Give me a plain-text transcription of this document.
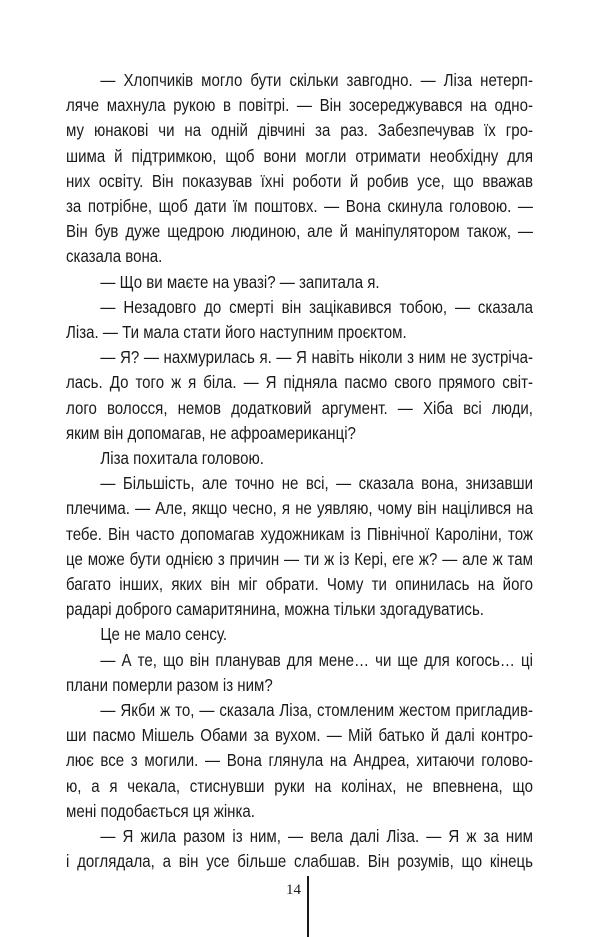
— Хлопчиків могло бути скільки завгодно. — Ліза нетерп-
ляче махнула рукою в повітрі. — Він зосереджувався на одно-
му юнакові чи на одній дівчині за раз. Забезпечував їх гро-
шима й підтримкою, щоб вони могли отримати необхідну для
них освіту. Він показував їхні роботи й робив усе, що вважав
за потрібне, щоб дати їм поштовх. — Вона скинула головою. —
Він був дуже щедрою людиною, але й маніпулятором також, —
сказала вона.
— Що ви маєте на увазі? — запитала я.
— Незадовго до смерті він зацікавився тобою, — сказала
Ліза. — Ти мала стати його наступним проєктом.
— Я? — нахмурилась я. — Я навіть ніколи з ним не зустріча-
лась. До того ж я біла. — Я підняла пасмо свого прямого світ-
лого волосся, немов додатковий аргумент. — Хіба всі люди,
яким він допомагав, не афроамериканці?
Ліза похитала головою.
— Більшість, але точно не всі, — сказала вона, знизавши
плечима. — Але, якщо чесно, я не уявляю, чому він націлився на
тебе. Він часто допомагав художникам із Північної Кароліни, тож
це може бути однією з причин — ти ж із Кері, еге ж? — але ж там
багато інших, яких він міг обрати. Чому ти опинилась на його
радарі доброго самаритянина, можна тільки здогадуватись.
Це не мало сенсу.
— А те, що він планував для мене… чи ще для когось… ці
плани померли разом із ним?
— Якби ж то, — сказала Ліза, стомленим жестом пригладив-
ши пасмо Мішель Обами за вухом. — Мій батько й далі контро-
лює все з могили. — Вона глянула на Андреа, хитаючи голово-
ю, а я чекала, стиснувши руки на колінах, не впевнена, що
мені подобається ця жінка.
— Я жила разом із ним, — вела далі Ліза. — Я ж за ним
і доглядала, а він усе більше слабшав. Він розумів, що кінець
14
